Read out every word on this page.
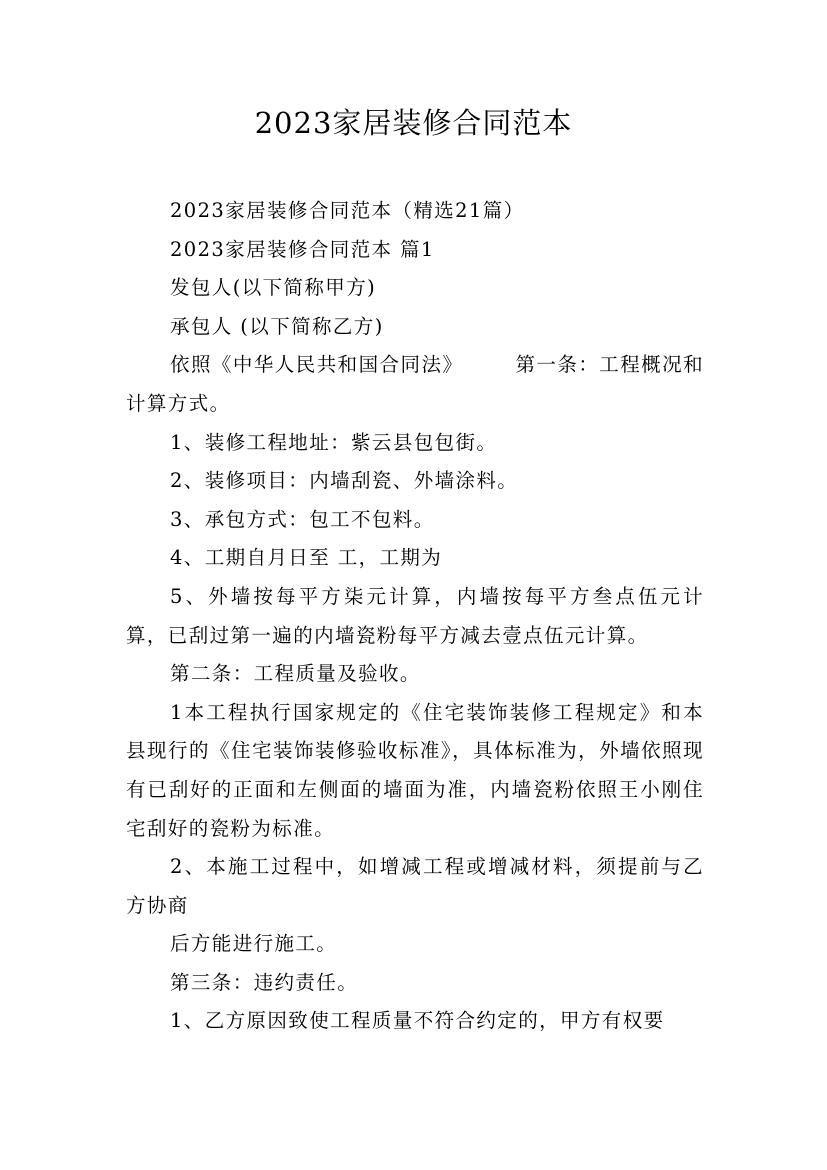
2023家居装修合同范本

2023家居装修合同范本（精选21篇）

2023家居装修合同范本 篇1

发包人(以下简称甲方)

承包人 (以下简称乙方)

依照《中华人民共和国合同法》	第一条：工程概况和计算方式。

1、装修工程地址：紫云县包包街。

2、装修项目：内墙刮瓷、外墙涂料。

3、承包方式：包工不包料。

4、工期自月日至 工，工期为

5、外墙按每平方柒元计算，内墙按每平方叁点伍元计算，已刮过第一遍的内墙瓷粉每平方减去壹点伍元计算。

第二条：工程质量及验收。

1本工程执行国家规定的《住宅装饰装修工程规定》和本县现行的《住宅装饰装修验收标准》，具体标准为，外墙依照现有已刮好的正面和左侧面的墙面为准，内墙瓷粉依照王小刚住宅刮好的瓷粉为标准。

2、本施工过程中，如增减工程或增减材料，须提前与乙方协商

后方能进行施工。

第三条：违约责任。

1、乙方原因致使工程质量不符合约定的，甲方有权要
